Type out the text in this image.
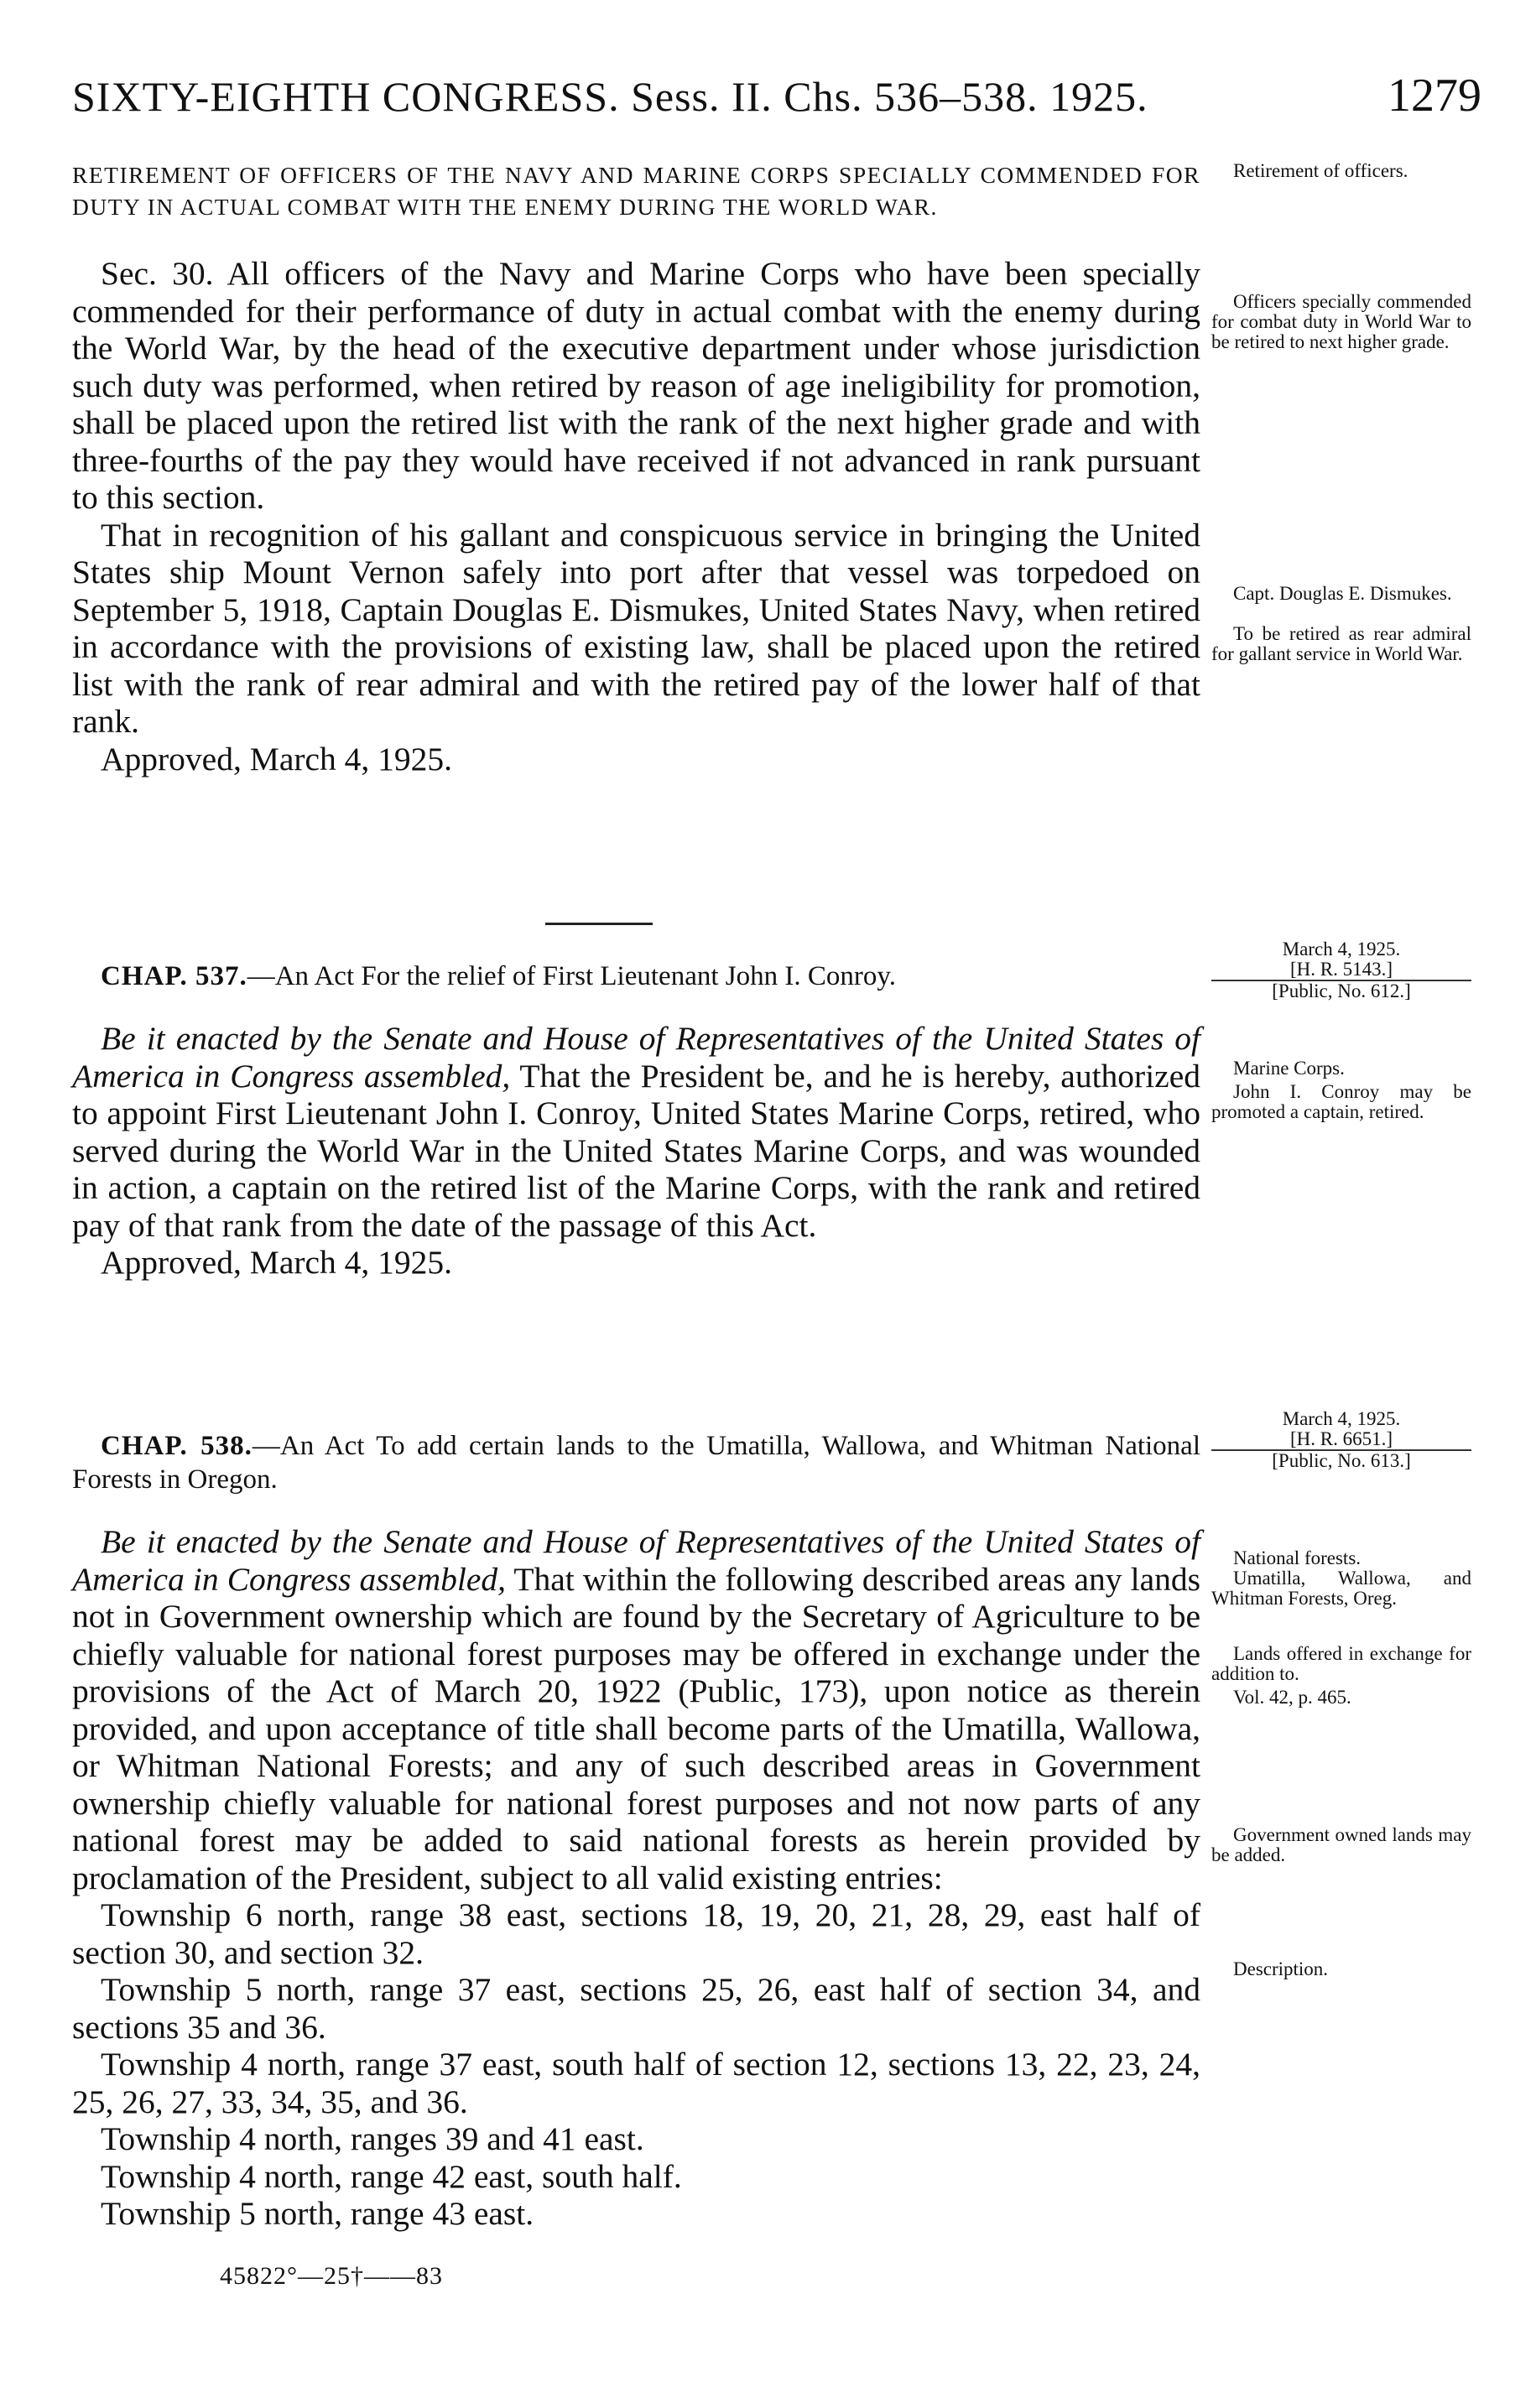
SIXTY-EIGHTH CONGRESS. Sess. II. Chs. 536–538. 1925.	1279

RETIREMENT OF OFFICERS OF THE NAVY AND MARINE CORPS SPECIALLY COMMENDED FOR DUTY IN ACTUAL COMBAT WITH THE ENEMY DURING THE WORLD WAR.

Sec. 30. All officers of the Navy and Marine Corps who have been specially commended for their performance of duty in actual combat with the enemy during the World War, by the head of the executive department under whose jurisdiction such duty was performed, when retired by reason of age ineligibility for promotion, shall be placed upon the retired list with the rank of the next higher grade and with three-fourths of the pay they would have received if not advanced in rank pursuant to this section.

That in recognition of his gallant and conspicuous service in bringing the United States ship Mount Vernon safely into port after that vessel was torpedoed on September 5, 1918, Captain Douglas E. Dismukes, United States Navy, when retired in accordance with the provisions of existing law, shall be placed upon the retired list with the rank of rear admiral and with the retired pay of the lower half of that rank.

Approved, March 4, 1925.

Retirement of officers.

Officers specially commended for combat duty in World War to be retired to next higher grade.

Capt. Douglas E. Dismukes.

To be retired as rear admiral for gallant service in World War.

March 4, 1925.

[H. R. 5143.]

[Public, No. 612.]

CHAP. 537.—An Act For the relief of First Lieutenant John I. Conroy.

Be it enacted by the Senate and House of Representatives of the United States of America in Congress assembled, That the President be, and he is hereby, authorized to appoint First Lieutenant John I. Conroy, United States Marine Corps, retired, who served during the World War in the United States Marine Corps, and was wounded in action, a captain on the retired list of the Marine Corps, with the rank and retired pay of that rank from the date of the passage of this Act.

Approved, March 4, 1925.

Marine Corps.

John I. Conroy may be promoted a captain, retired.

March 4, 1925.

[H. R. 6651.]

[Public, No. 613.]

CHAP. 538.—An Act To add certain lands to the Umatilla, Wallowa, and Whitman National Forests in Oregon.

Be it enacted by the Senate and House of Representatives of the United States of America in Congress assembled, That within the following described areas any lands not in Government ownership which are found by the Secretary of Agriculture to be chiefly valuable for national forest purposes may be offered in exchange under the provisions of the Act of March 20, 1922 (Public, 173), upon notice as therein provided, and upon acceptance of title shall become parts of the Umatilla, Wallowa, or Whitman National Forests; and any of such described areas in Government ownership chiefly valuable for national forest purposes and not now parts of any national forest may be added to said national forests as herein provided by proclamation of the President, subject to all valid existing entries:

Township 6 north, range 38 east, sections 18, 19, 20, 21, 28, 29, east half of section 30, and section 32.

Township 5 north, range 37 east, sections 25, 26, east half of section 34, and sections 35 and 36.

Township 4 north, range 37 east, south half of section 12, sections 13, 22, 23, 24, 25, 26, 27, 33, 34, 35, and 36.

Township 4 north, ranges 39 and 41 east.

Township 4 north, range 42 east, south half.

Township 5 north, range 43 east.

National forests.

Umatilla, Wallowa, and Whitman Forests, Oreg.

Lands offered in exchange for addition to.

Vol. 42, p. 465.

Government owned lands may be added.

Description.

45822°—25†——83
